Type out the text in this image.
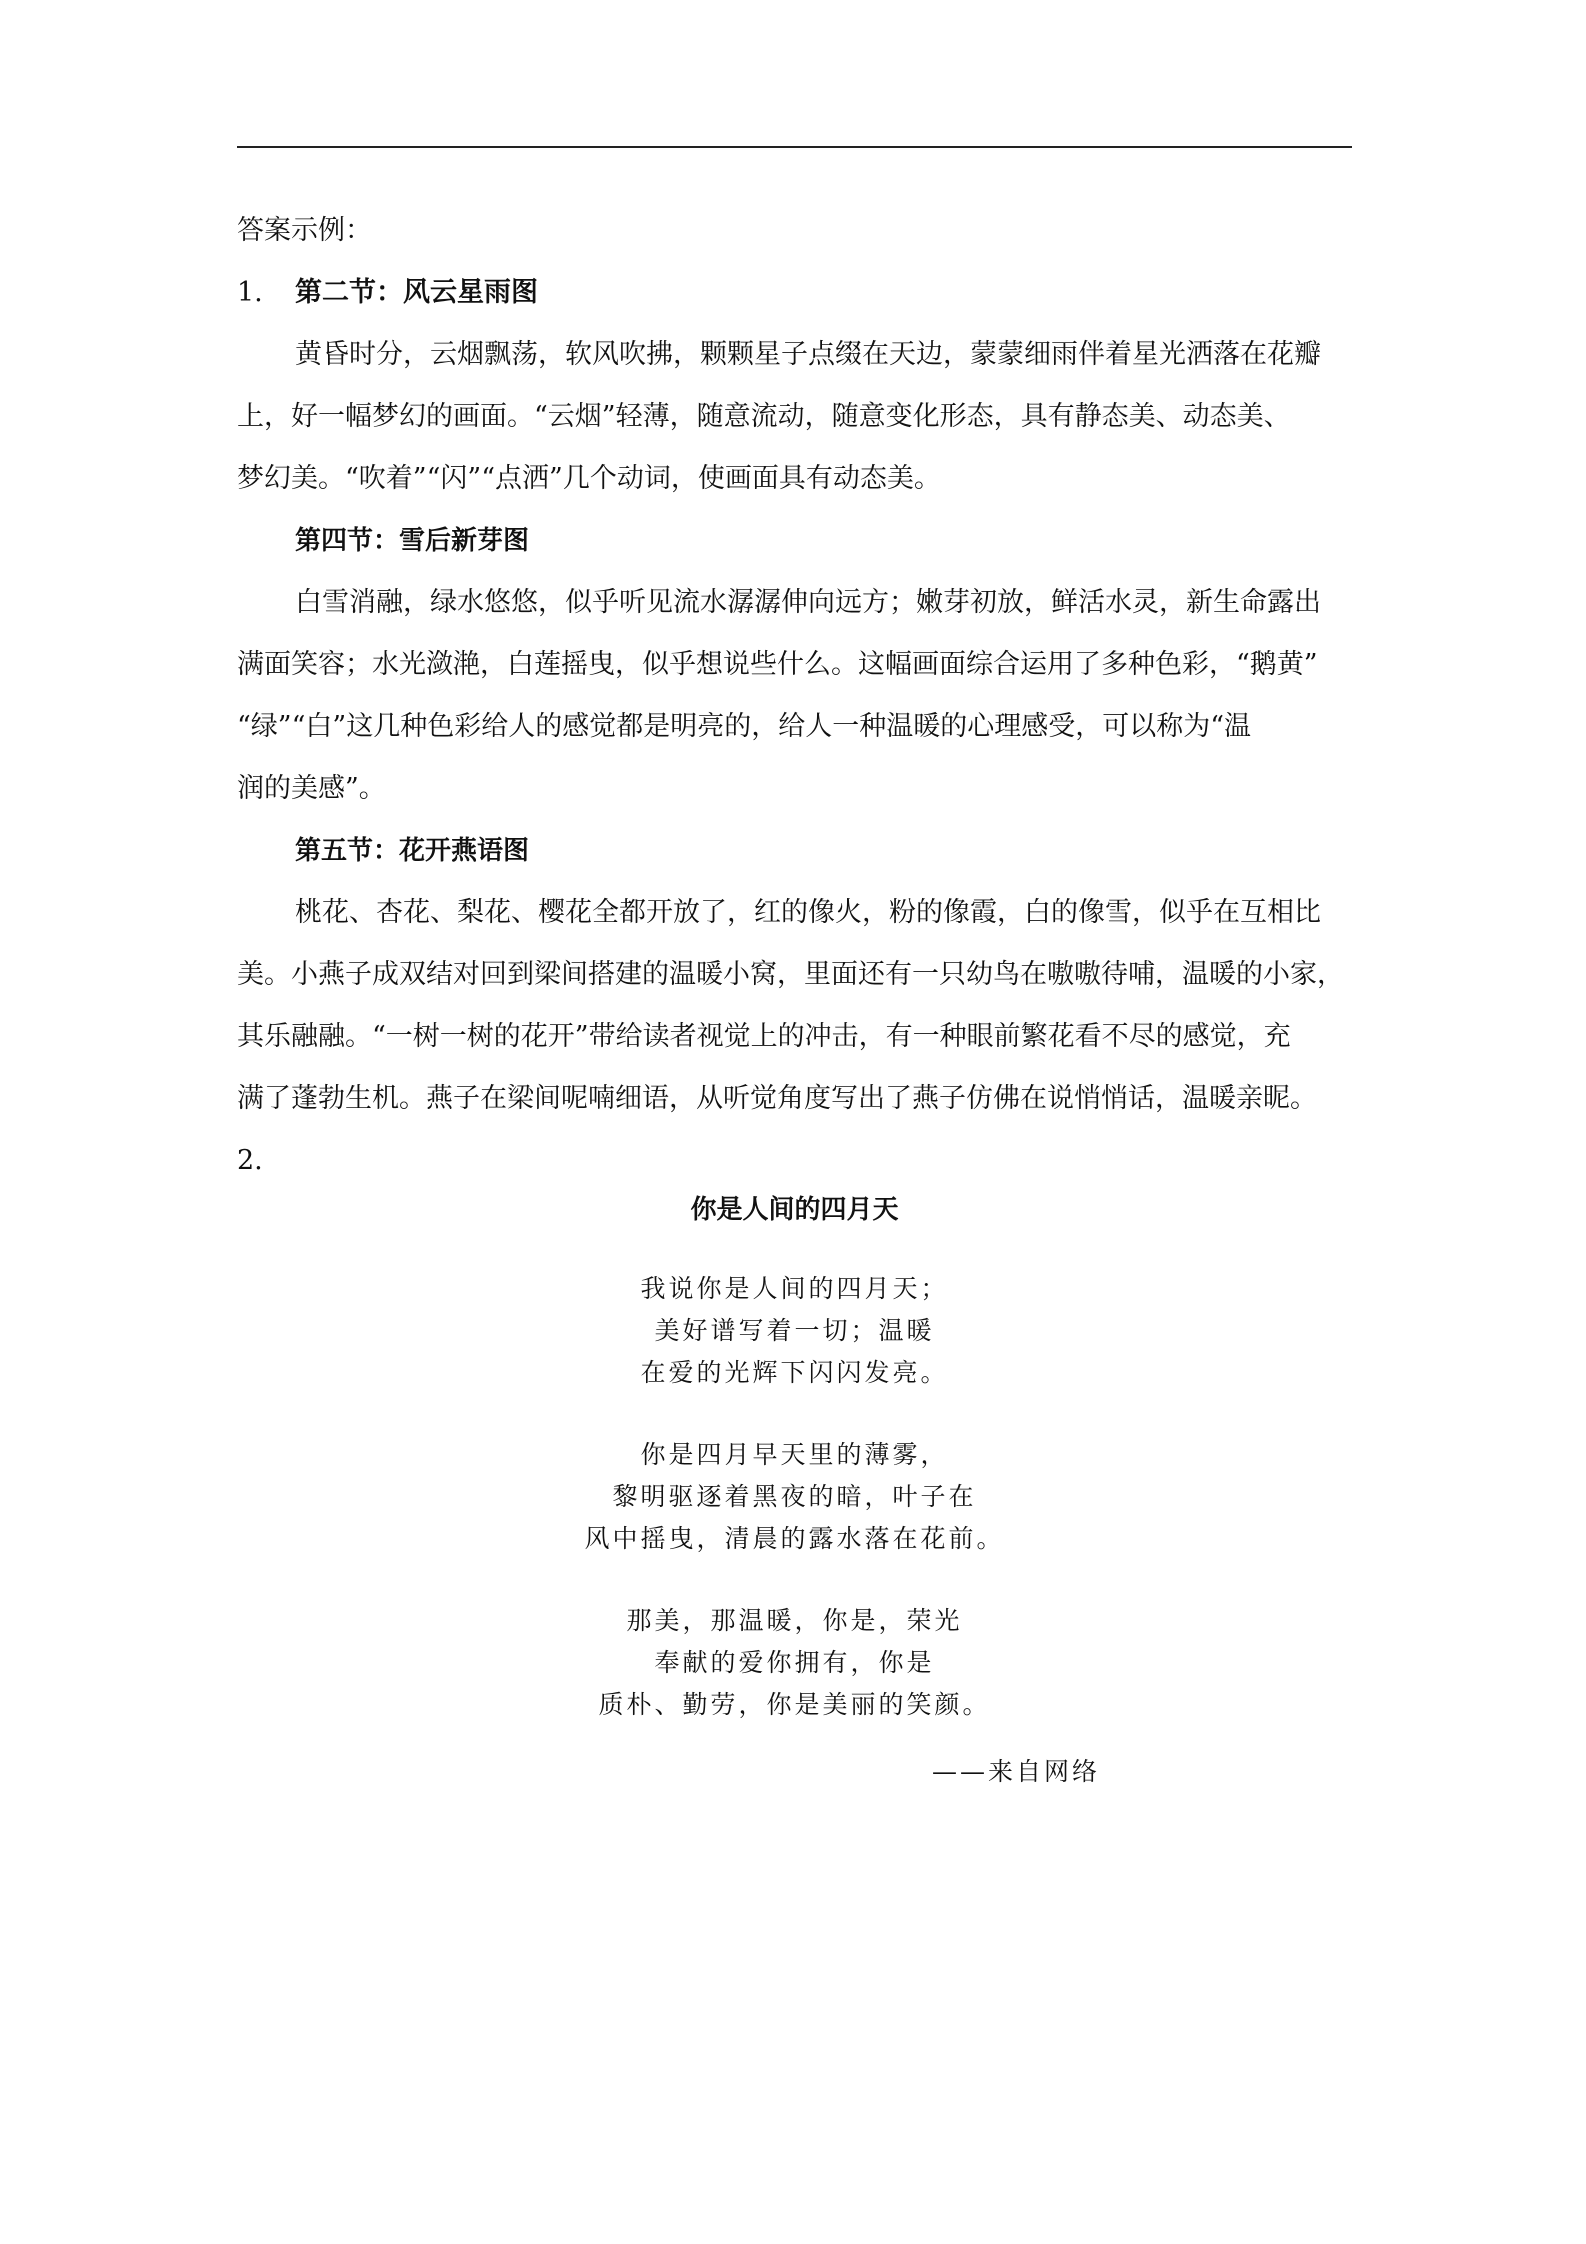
答案示例：

1.	第二节：风云星雨图

黄昏时分，云烟飘荡，软风吹拂，颗颗星子点缀在天边，蒙蒙细雨伴着星光洒落在花瓣

上，好一幅梦幻的画面。“云烟”轻薄，随意流动，随意变化形态，具有静态美、动态美、

梦幻美。“吹着”“闪”“点洒”几个动词，使画面具有动态美。

第四节：雪后新芽图

白雪消融，绿水悠悠，似乎听见流水潺潺伸向远方；嫩芽初放，鲜活水灵，新生命露出

满面笑容；水光潋滟，白莲摇曳，似乎想说些什么。这幅画面综合运用了多种色彩，“鹅黄”

“绿”“白”这几种色彩给人的感觉都是明亮的，给人一种温暖的心理感受，可以称为“温

润的美感”。

第五节：花开燕语图

桃花、杏花、梨花、樱花全都开放了，红的像火，粉的像霞，白的像雪，似乎在互相比

美。小燕子成双结对回到梁间搭建的温暖小窝，里面还有一只幼鸟在嗷嗷待哺，温暖的小家，

其乐融融。“一树一树的花开”带给读者视觉上的冲击，有一种眼前繁花看不尽的感觉，充

满了蓬勃生机。燕子在梁间呢喃细语，从听觉角度写出了燕子仿佛在说悄悄话，温暖亲昵。

2.

你是人间的四月天

我说你是人间的四月天；

美好谱写着一切；温暖

在爱的光辉下闪闪发亮。

你是四月早天里的薄雾，

黎明驱逐着黑夜的暗，叶子在

风中摇曳，清晨的露水落在花前。

那美，那温暖，你是，荣光

奉献的爱你拥有，你是

质朴、勤劳，你是美丽的笑颜。

——来自网络
